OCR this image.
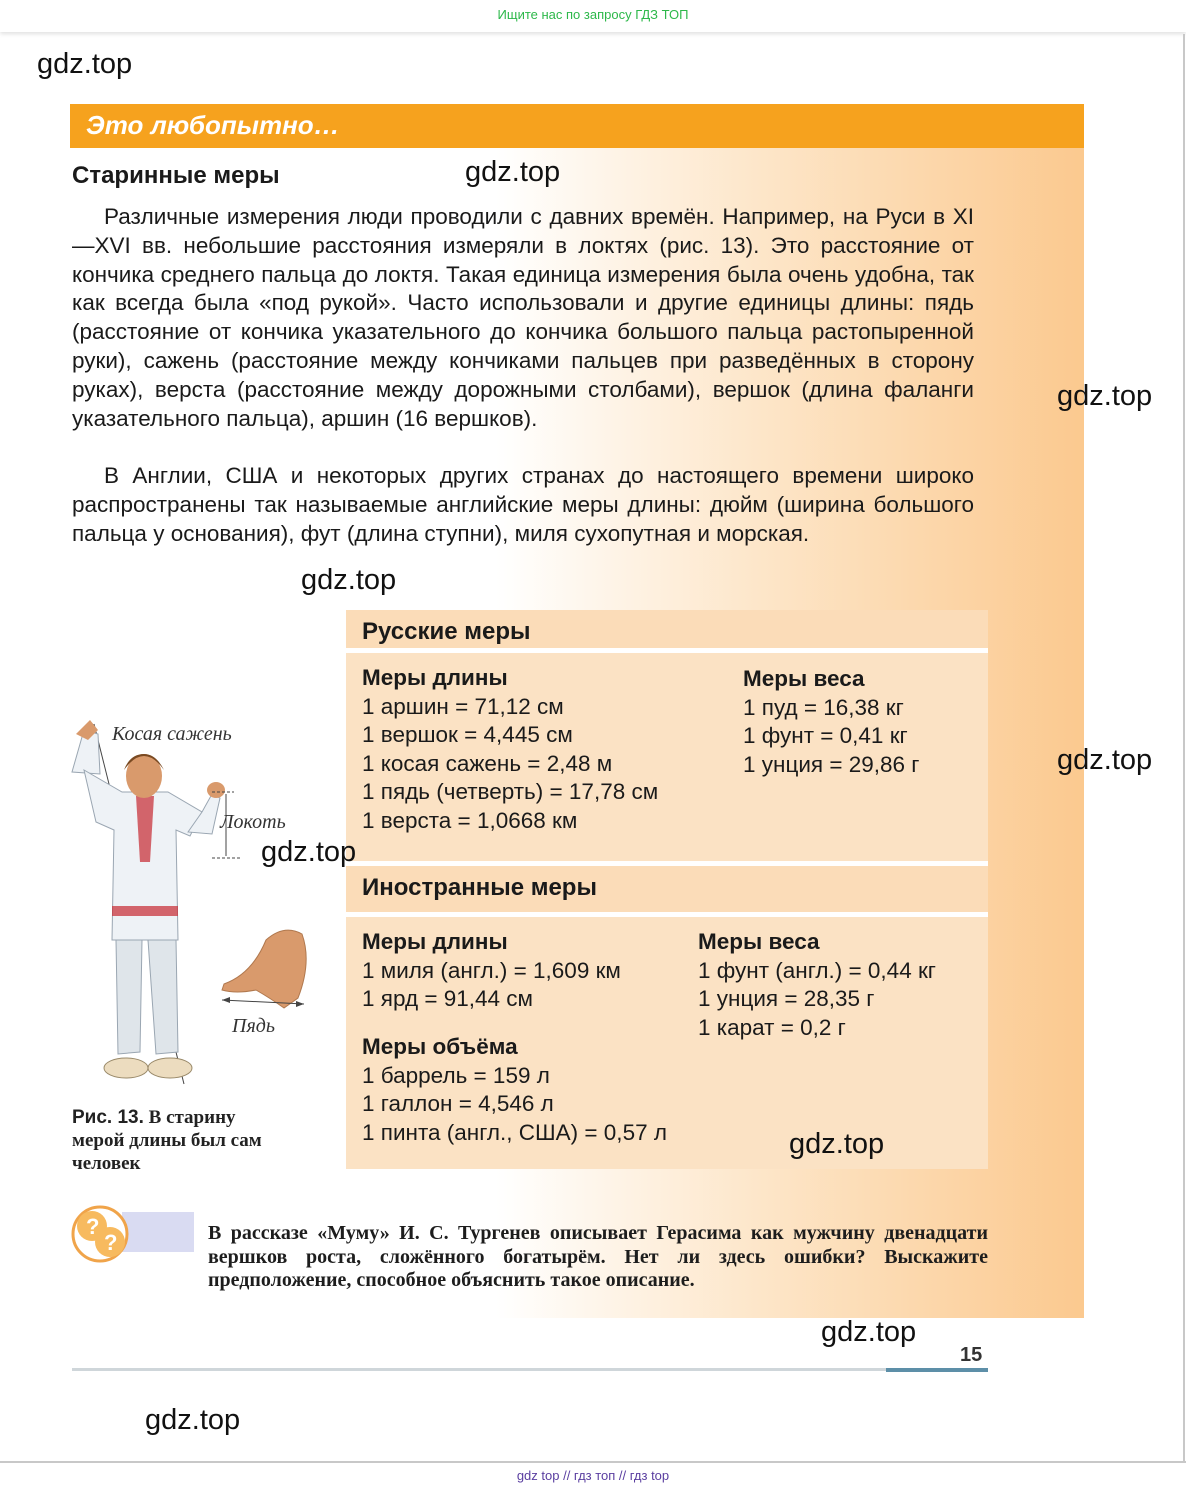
Ищите нас по запросу ГДЗ ТОП
Это любопытно…
Старинные меры

Различные измерения люди проводили с давних времён. Например, на Руси в XI—XVI вв. небольшие расстояния измеряли в локтях (рис. 13). Это расстояние от кончика среднего пальца до локтя. Такая единица измерения была очень удобна, так как всегда была «под рукой». Часто использовали и другие единицы длины: пядь (расстояние от кончика указательного до кончика большого пальца растопыренной руки), сажень (расстояние между кончиками пальцев при разведённых в сторону руках), верста (расстояние между дорожными столбами), вершок (длина фаланги указательного пальца), аршин (16 вершков).

В Англии, США и некоторых других странах до настоящего времени широко распространены так называемые английские меры длины: дюйм (ширина большого пальца у основания), фут (длина ступни), миля сухопутная и морская.

Русские меры
Меры длины
1 аршин = 71,12 см
1 вершок = 4,445 см
1 косая сажень = 2,48 м
1 пядь (четверть) = 17,78 см
1 верста = 1,0668 км
Меры веса
1 пуд = 16,38 кг
1 фунт = 0,41 кг
1 унция = 29,86 г
Иностранные меры
Меры длины
1 миля (англ.) = 1,609 км
1 ярд = 91,44 см
Меры объёма
1 баррель = 159 л
1 галлон = 4,546 л
1 пинта (англ., США) = 0,57 л
Меры веса
1 фунт (англ.) = 0,44 кг
1 унция = 28,35 г
1 карат = 0,2 г
Косая сажень
Локоть
Пядь
Рис. 13. В старину мерой длины был сам человек
?
?	В рассказе «Муму» И. С. Тургенев описывает Герасима как мужчину двенадцати вершков роста, сложённого богатырём. Нет ли здесь ошибки? Выскажите предположение, способное объяснить такое описание.

15
gdz top // гдз топ // гдз top
gdz.top
gdz.top
gdz.top
gdz.top
gdz.top
gdz.top
gdz.top
gdz.top
gdz.top
